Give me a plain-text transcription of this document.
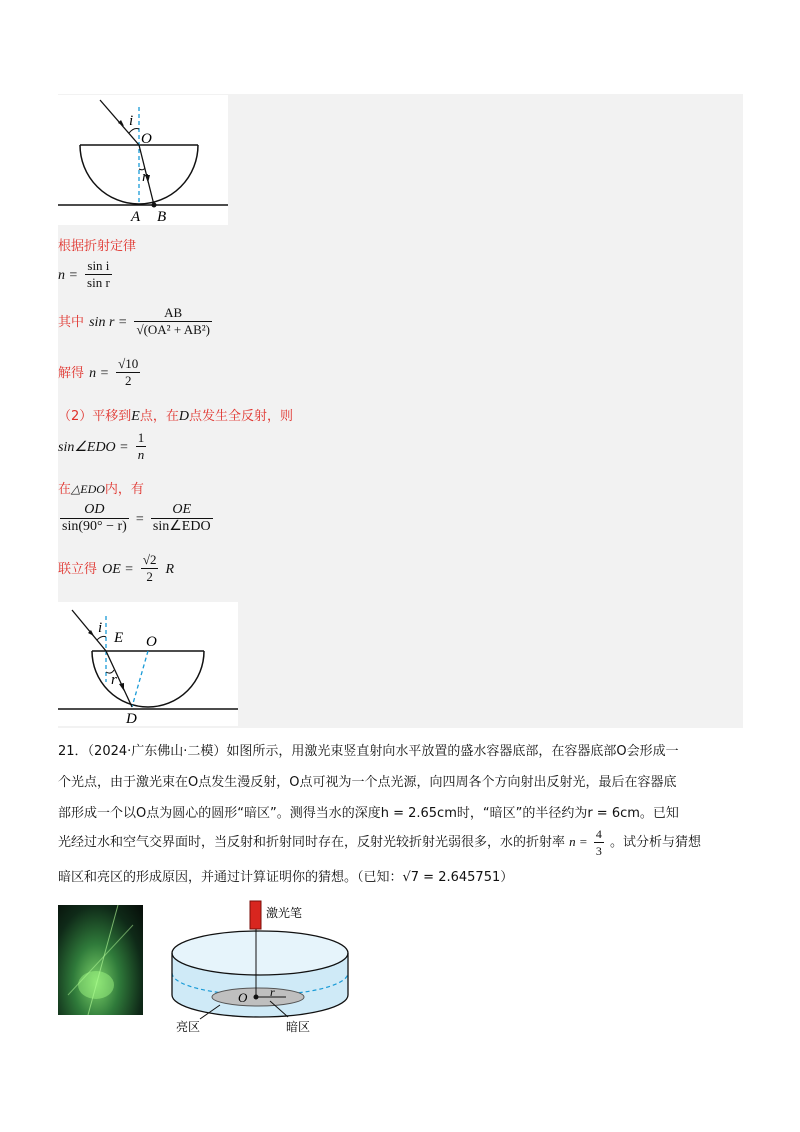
i
O
r
A B
根据折射定律
$n = \frac{\text{sin i}}{\text{sin r}}$
其中 $\sin r = \frac{AB}{\text{√(OA² + AB²)}}$
解得 $n = \frac{√10}{2}$
（2）平移到E点，在D点发生全反射，则
sin∠EDO = $\frac{1}{n}$
在△EDO内，有
$\frac{OD}{\sin(90^\circ - r)} = \frac{OE}{\text{sin∠EDO}}$
联立得 OE = $\frac{√2}{2}$ R
i
E O
r
D
21．（2024·广东佛山·二模）如图所示，用激光束竖直射向水平放置的盛水容器底部，在容器底部O会形成一
个光点，由于激光束在O点发生漫反射，O点可视为一个点光源，向四周各个方向射出反射光，最后在容器底
部形成一个以O点为圆心的圆形“暗区”。测得当水的深度h = 2.65cm时，“暗区”的半径约为r = 6cm。已知
光经过水和空气交界面时，当反射和折射同时存在，反射光较折射光弱很多，水的折射率 $n = \frac{4}{3}$ 。试分析与猜想
暗区和亮区的形成原因，并通过计算证明你的猜想。（已知：√7 = 2.645751）
激光笔
O r
亮区	暗区
